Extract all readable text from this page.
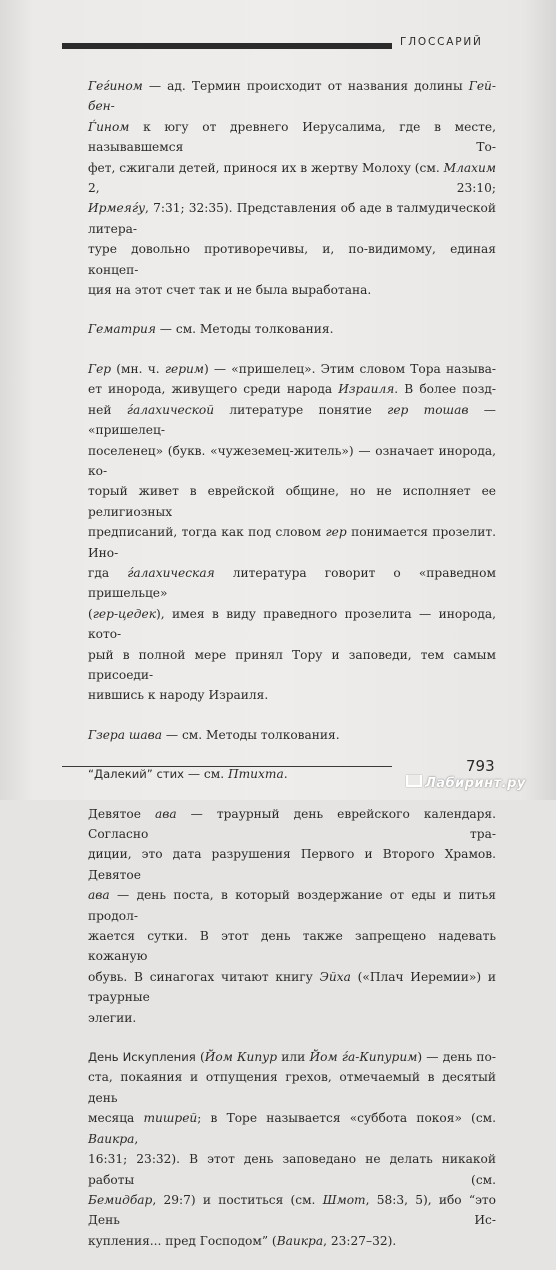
ГЛОССАРИЙ
Геѓином — ад. Термин происходит от названия долины Гей-бен-
Ѓином к югу от древнего Иерусалима, где в месте, называвшемся То-
фет, сжигали детей, принося их в жертву Молоху (см. Млахим 2, 23:10;
Ирмеяѓу, 7:31; 32:35). Представления об аде в талмудической литера-
туре довольно противоречивы, и, по-видимому, единая концеп-
ция на этот счет так и не была выработана.
Гематрия — см. Методы толкования.
Гер (мн. ч. герим) — «пришелец». Этим словом Тора называ-
ет инорода, живущего среди народа Израиля. В более позд-
ней ѓалахической литературе понятие гер тошав — «пришелец-
поселенец» (букв. «чужеземец-житель») — означает инорода, ко-
торый живет в еврейской общине, но не исполняет ее религиозных
предписаний, тогда как под словом гер понимается прозелит. Ино-
гда ѓалахическая литература говорит о «праведном пришельце»
(гер-цедек), имея в виду праведного прозелита — инорода, кото-
рый в полной мере принял Тору и заповеди, тем самым присоеди-
нившись к народу Израиля.
Гзера шава — см. Методы толкования.
“Далекий” стих — см. Птихта.
Девятое ава — траурный день еврейского календаря. Согласно тра-
диции, это дата разрушения Первого и Второго Храмов. Девятое
ава — день поста, в который воздержание от еды и питья продол-
жается сутки. В этот день также запрещено надевать кожаную
обувь. В синагогах читают книгу Эйха («Плач Иеремии») и траурные
элегии.
День Искупления (Йом Кипур или Йом ѓа-Кипурим) — день по-
ста, покаяния и отпущения грехов, отмечаемый в десятый день
месяца тишрей; в Торе называется «суббота покоя» (см. Ваикра,
16:31; 23:32). В этот день заповедано не делать никакой работы (см.
Бемидбар, 29:7) и поститься (см. Шмот, 58:3, 5), ибо “это День Ис-
купления... пред Господом” (Ваикра, 23:27–32).
793
Лабиринт.ру
